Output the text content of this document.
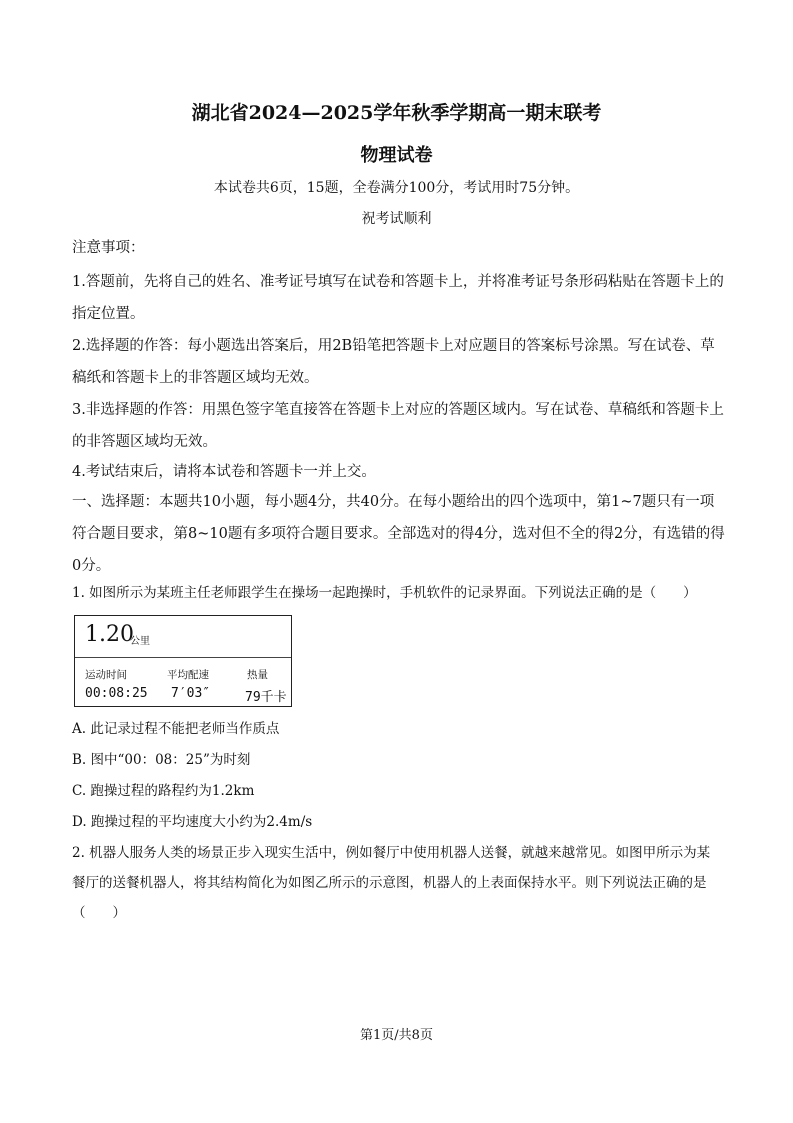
湖北省2024—2025学年秋季学期高一期末联考
物理试卷
本试卷共6页，15题，全卷满分100分，考试用时75分钟。
祝考试顺利
注意事项：
1.答题前，先将自己的姓名、准考证号填写在试卷和答题卡上，并将准考证号条形码粘贴在答题卡上的指定位置。
2.选择题的作答：每小题选出答案后，用2B铅笔把答题卡上对应题目的答案标号涂黑。写在试卷、草稿纸和答题卡上的非答题区域均无效。
3.非选择题的作答：用黑色签字笔直接答在答题卡上对应的答题区域内。写在试卷、草稿纸和答题卡上的非答题区域均无效。
4.考试结束后，请将本试卷和答题卡一并上交。
一、选择题：本题共10小题，每小题4分，共40分。在每小题给出的四个选项中，第1~7题只有一项符合题目要求，第8~10题有多项符合题目要求。全部选对的得4分，选对但不全的得2分，有选错的得0分。
1. 如图所示为某班主任老师跟学生在操场一起跑操时，手机软件的记录界面。下列说法正确的是（　　）
1.20
公里
运动时间	平均配速	热量
00:08:25 7′03″	79千卡
A. 此记录过程不能把老师当作质点
B. 图中“00：08：25”为时刻
C. 跑操过程的路程约为1.2km
D. 跑操过程的平均速度大小约为2.4m/s
2. 机器人服务人类的场景正步入现实生活中，例如餐厅中使用机器人送餐，就越来越常见。如图甲所示为某餐厅的送餐机器人，将其结构简化为如图乙所示的示意图，机器人的上表面保持水平。则下列说法正确的是（　　）
第1页/共8页
